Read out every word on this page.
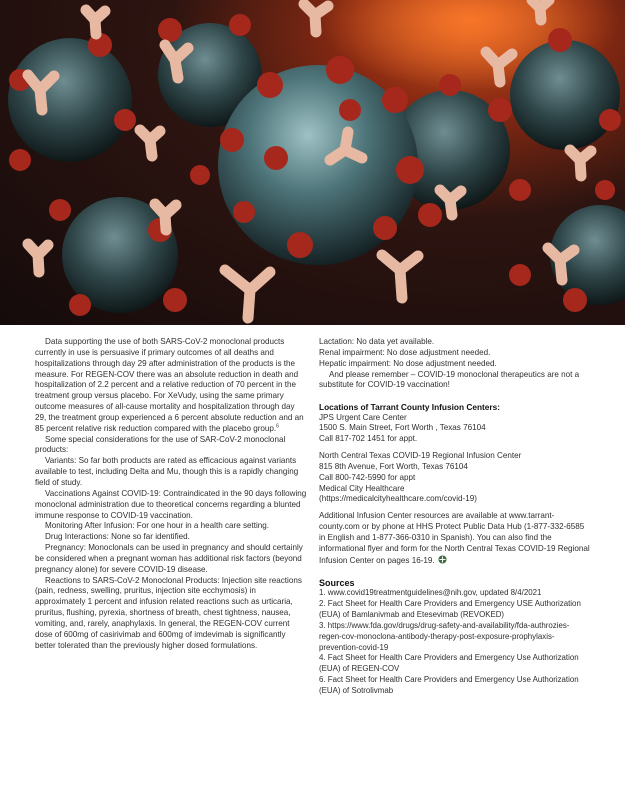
Data supporting the use of both SARS-CoV-2 monoclonal products currently in use is persuasive if primary outcomes of all deaths and hospitalizations through day 29 after administration of the products is the measure. For REGEN-COV there was an absolute reduction in death and hospitalization of 2.2 percent and a relative reduction of 70 percent in the treatment group versus placebo. For XeVudy, using the same primary outcome measures of all-cause mortality and hospitalization through day 29, the treatment group experienced a 6 percent absolute reduction and an 85 percent relative risk reduction compared with the placebo group.$^6$

Some special considerations for the use of SAR-CoV-2 monoclonal products:

Variants: So far both products are rated as efficacious against variants available to test, including Delta and Mu, though this is a rapidly changing field of study.

Vaccinations Against COVID-19: Contraindicated in the 90 days following monoclonal administration due to theoretical concerns regarding a blunted immune response to COVID-19 vaccination.

Monitoring After Infusion: For one hour in a health care setting.

Drug Interactions: None so far identified.

Pregnancy: Monoclonals can be used in pregnancy and should certainly be considered when a pregnant woman has additional risk factors (beyond pregnancy alone) for severe COVID-19 disease.

Reactions to SARS-CoV-2 Monoclonal Products: Injection site reactions (pain, redness, swelling, pruritus, injection site ecchymosis) in approximately 1 percent and infusion related reactions such as urticaria, pruritus, flushing, pyrexia, shortness of breath, chest tightness, nausea, vomiting, and, rarely, anaphylaxis. In general, the REGEN-COV current dose of 600mg of casirivimab and 600mg of imdevimab is significantly better tolerated than the previously higher dosed formulations.

Lactation: No data yet available.

Renal impairment: No dose adjustment needed.

Hepatic impairment: No dose adjustment needed.

And please remember – COVID-19 monoclonal therapeutics are not a substitute for COVID-19 vaccination!

Locations of Tarrant County Infusion Centers:

JPS Urgent Care Center

1500 S. Main Street, Fort Worth , Texas 76104

Call 817-702 1451 for appt.

North Central Texas COVID-19 Regional Infusion Center

815 8th Avenue, Fort Worth, Texas 76104

Call 800-742-5990 for appt

Medical City Healthcare

(https://medicalcityhealthcare.com/covid-19)

Additional Infusion Center resources are available at www.tarrant-county.com or by phone at HHS Protect Public Data Hub (1-877-332-6585 in English and 1-877-366-0310 in Spanish). You can also find the informational flyer and form for the North Central Texas COVID-19 Regional Infusion Center on pages 16-19.

Sources

1. www.covid19treatmentguidelines@nih.gov, updated 8/4/2021

2. Fact Sheet for Health Care Providers and Emergency USE Authorization (EUA) of Bamlanivmab and Etesevimab (REVOKED)

3. https://www.fda.gov/drugs/drug-safety-and-availability/fda-authrozies-regen-cov-monoclona-antibody-therapy-post-exposure-prophylaxis-prevention-covid-19

4. Fact Sheet for Health Care Providers and Emergency Use Authorization (EUA) of REGEN-COV

6. Fact Sheet for Health Care Providers and Emergency Use Authorization (EUA) of Sotrolivmab
